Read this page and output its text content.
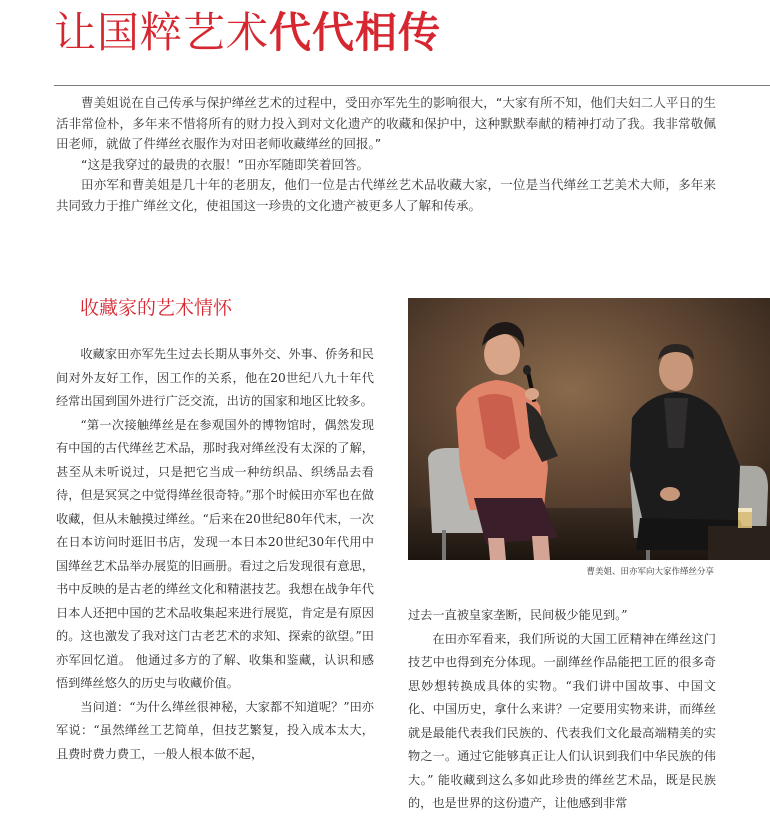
让国粹艺术代代相传

曹美姐说在自己传承与保护缂丝艺术的过程中，受田亦军先生的影响很大，“大家有所不知，他们夫妇二人平日的生活非常俭朴，多年来不惜将所有的财力投入到对文化遗产的收藏和保护中，这种默默奉献的精神打动了我。我非常敬佩田老师，就做了件缂丝衣服作为对田老师收藏缂丝的回报。”

“这是我穿过的最贵的衣服！”田亦军随即笑着回答。

田亦军和曹美姐是几十年的老朋友，他们一位是古代缂丝艺术品收藏大家，一位是当代缂丝工艺美术大师，多年来共同致力于推广缂丝文化，使祖国这一珍贵的文化遗产被更多人了解和传承。

收藏家的艺术情怀

收藏家田亦军先生过去长期从事外交、外事、侨务和民间对外友好工作，因工作的关系，他在20世纪八九十年代经常出国到国外进行广泛交流，出访的国家和地区比较多。

“第一次接触缂丝是在参观国外的博物馆时，偶然发现有中国的古代缂丝艺术品，那时我对缂丝没有太深的了解，甚至从未听说过，只是把它当成一种纺织品、织绣品去看待，但是冥冥之中觉得缂丝很奇特。”那个时候田亦军也在做收藏，但从未触摸过缂丝。“后来在20世纪80年代末，一次在日本访问时逛旧书店，发现一本日本20世纪30年代用中国缂丝艺术品举办展览的旧画册。看过之后发现很有意思，书中反映的是古老的缂丝文化和精湛技艺。我想在战争年代日本人还把中国的艺术品收集起来进行展览，肯定是有原因的。这也激发了我对这门古老艺术的求知、探索的欲望。”田亦军回忆道。 他通过多方的了解、收集和鉴藏，认识和感悟到缂丝悠久的历史与收藏价值。

当问道：“为什么缂丝很神秘，大家都不知道呢？”田亦军说：“虽然缂丝工艺简单，但技艺繁复，投入成本太大，且费时费力费工，一般人根本做不起，

曹美姐、田亦军向大家作缂丝分享

过去一直被皇家垄断，民间极少能见到。”

在田亦军看来，我们所说的大国工匠精神在缂丝这门技艺中也得到充分体现。一副缂丝作品能把工匠的很多奇思妙想转换成具体的实物。“我们讲中国故事、中国文化、中国历史，拿什么来讲？一定要用实物来讲，而缂丝就是最能代表我们民族的、代表我们文化最高端精美的实物之一。通过它能够真正让人们认识到我们中华民族的伟大。” 能收藏到这么多如此珍贵的缂丝艺术品，既是民族的，也是世界的这份遗产，让他感到非常
